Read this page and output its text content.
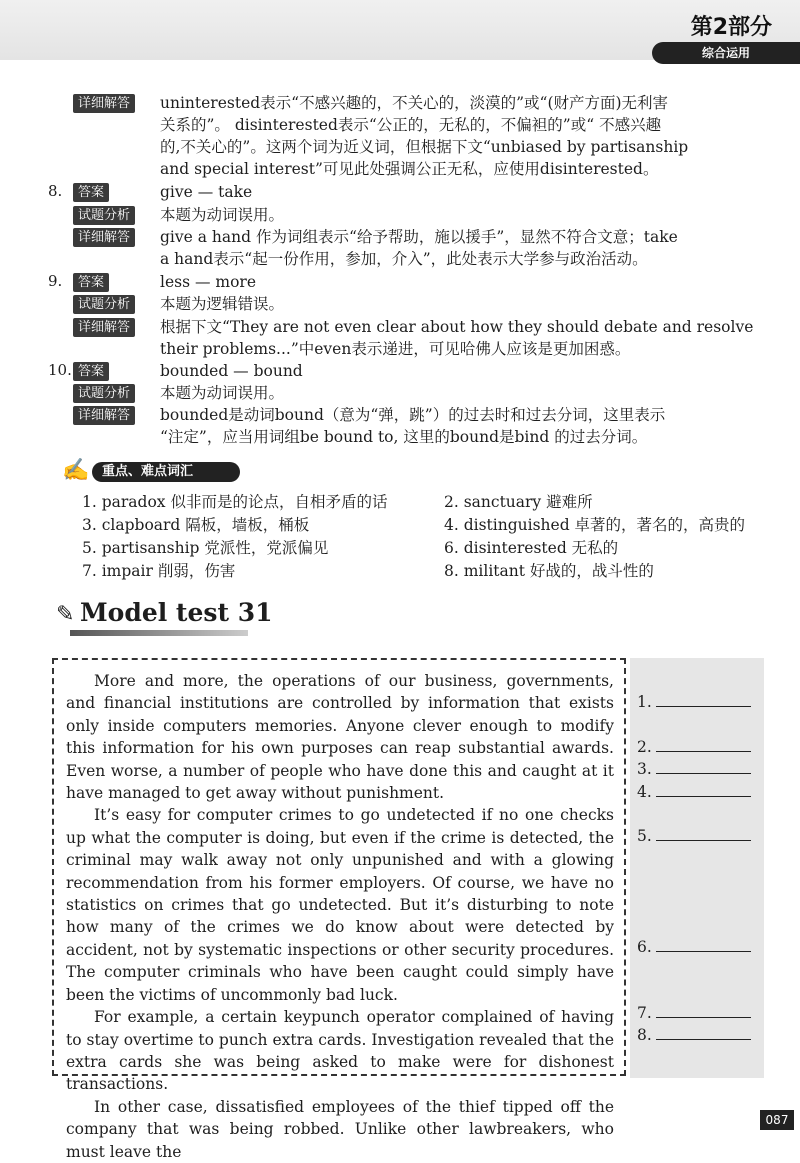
第2部分
综合运用
详细解答	uninterested表示“不感兴趣的，不关心的，淡漠的”或“(财产方面)无利害
关系的”。 disinterested表示“公正的，无私的，不偏袒的”或“ 不感兴趣
的,不关心的”。这两个词为近义词，但根据下文“unbiased by partisanship
and special interest”可见此处强调公正无私，应使用disinterested。
8.	答案	give — take
试题分析	本题为动词误用。
详细解答	give a hand 作为词组表示“给予帮助，施以援手”，显然不符合文意；take
a hand表示“起一份作用，参加，介入”，此处表示大学参与政治活动。
9.	答案	less — more
试题分析	本题为逻辑错误。
详细解答	根据下文“They are not even clear about how they should debate and resolve
their problems...”中even表示递进，可见哈佛人应该是更加困惑。
10. 答案	bounded — bound
试题分析	本题为动词误用。
详细解答	bounded是动词bound（意为“弹，跳”）的过去时和过去分词，这里表示
“注定”，应当用词组be bound to, 这里的bound是bind 的过去分词。
✍ 重点、难点词汇
1. paradox 似非而是的论点，自相矛盾的话	2. sanctuary 避难所
3. clapboard 隔板，墙板，桶板	4. distinguished 卓著的，著名的，高贵的
5. partisanship 党派性，党派偏见	6. disinterested 无私的
7. impair 削弱，伤害	8. militant 好战的，战斗性的
✎ Model test 31

More and more, the operations of our business, governments, and financial institutions are controlled by information that exists only inside computers memories. Anyone clever enough to modify this information for his own purposes can reap substantial awards. Even worse, a number of people who have done this and caught at it have managed to get away without punishment.

It’s easy for computer crimes to go undetected if no one checks up what the computer is doing, but even if the crime is detected, the criminal may walk away not only unpunished and with a glowing recommendation from his former employers. Of course, we have no statistics on crimes that go undetected. But it’s disturbing to note how many of the crimes we do know about were detected by accident, not by systematic inspections or other security procedures. The computer criminals who have been caught could simply have been the victims of uncommonly bad luck.

For example, a certain keypunch operator complained of having to stay overtime to punch extra cards. Investigation revealed that the extra cards she was being asked to make were for dishonest transactions.

In other case, dissatisfied employees of the thief tipped off the company that was being robbed. Unlike other lawbreakers, who must leave the

1.
2.
3.
4.
5.
6.
7.
8.
087
